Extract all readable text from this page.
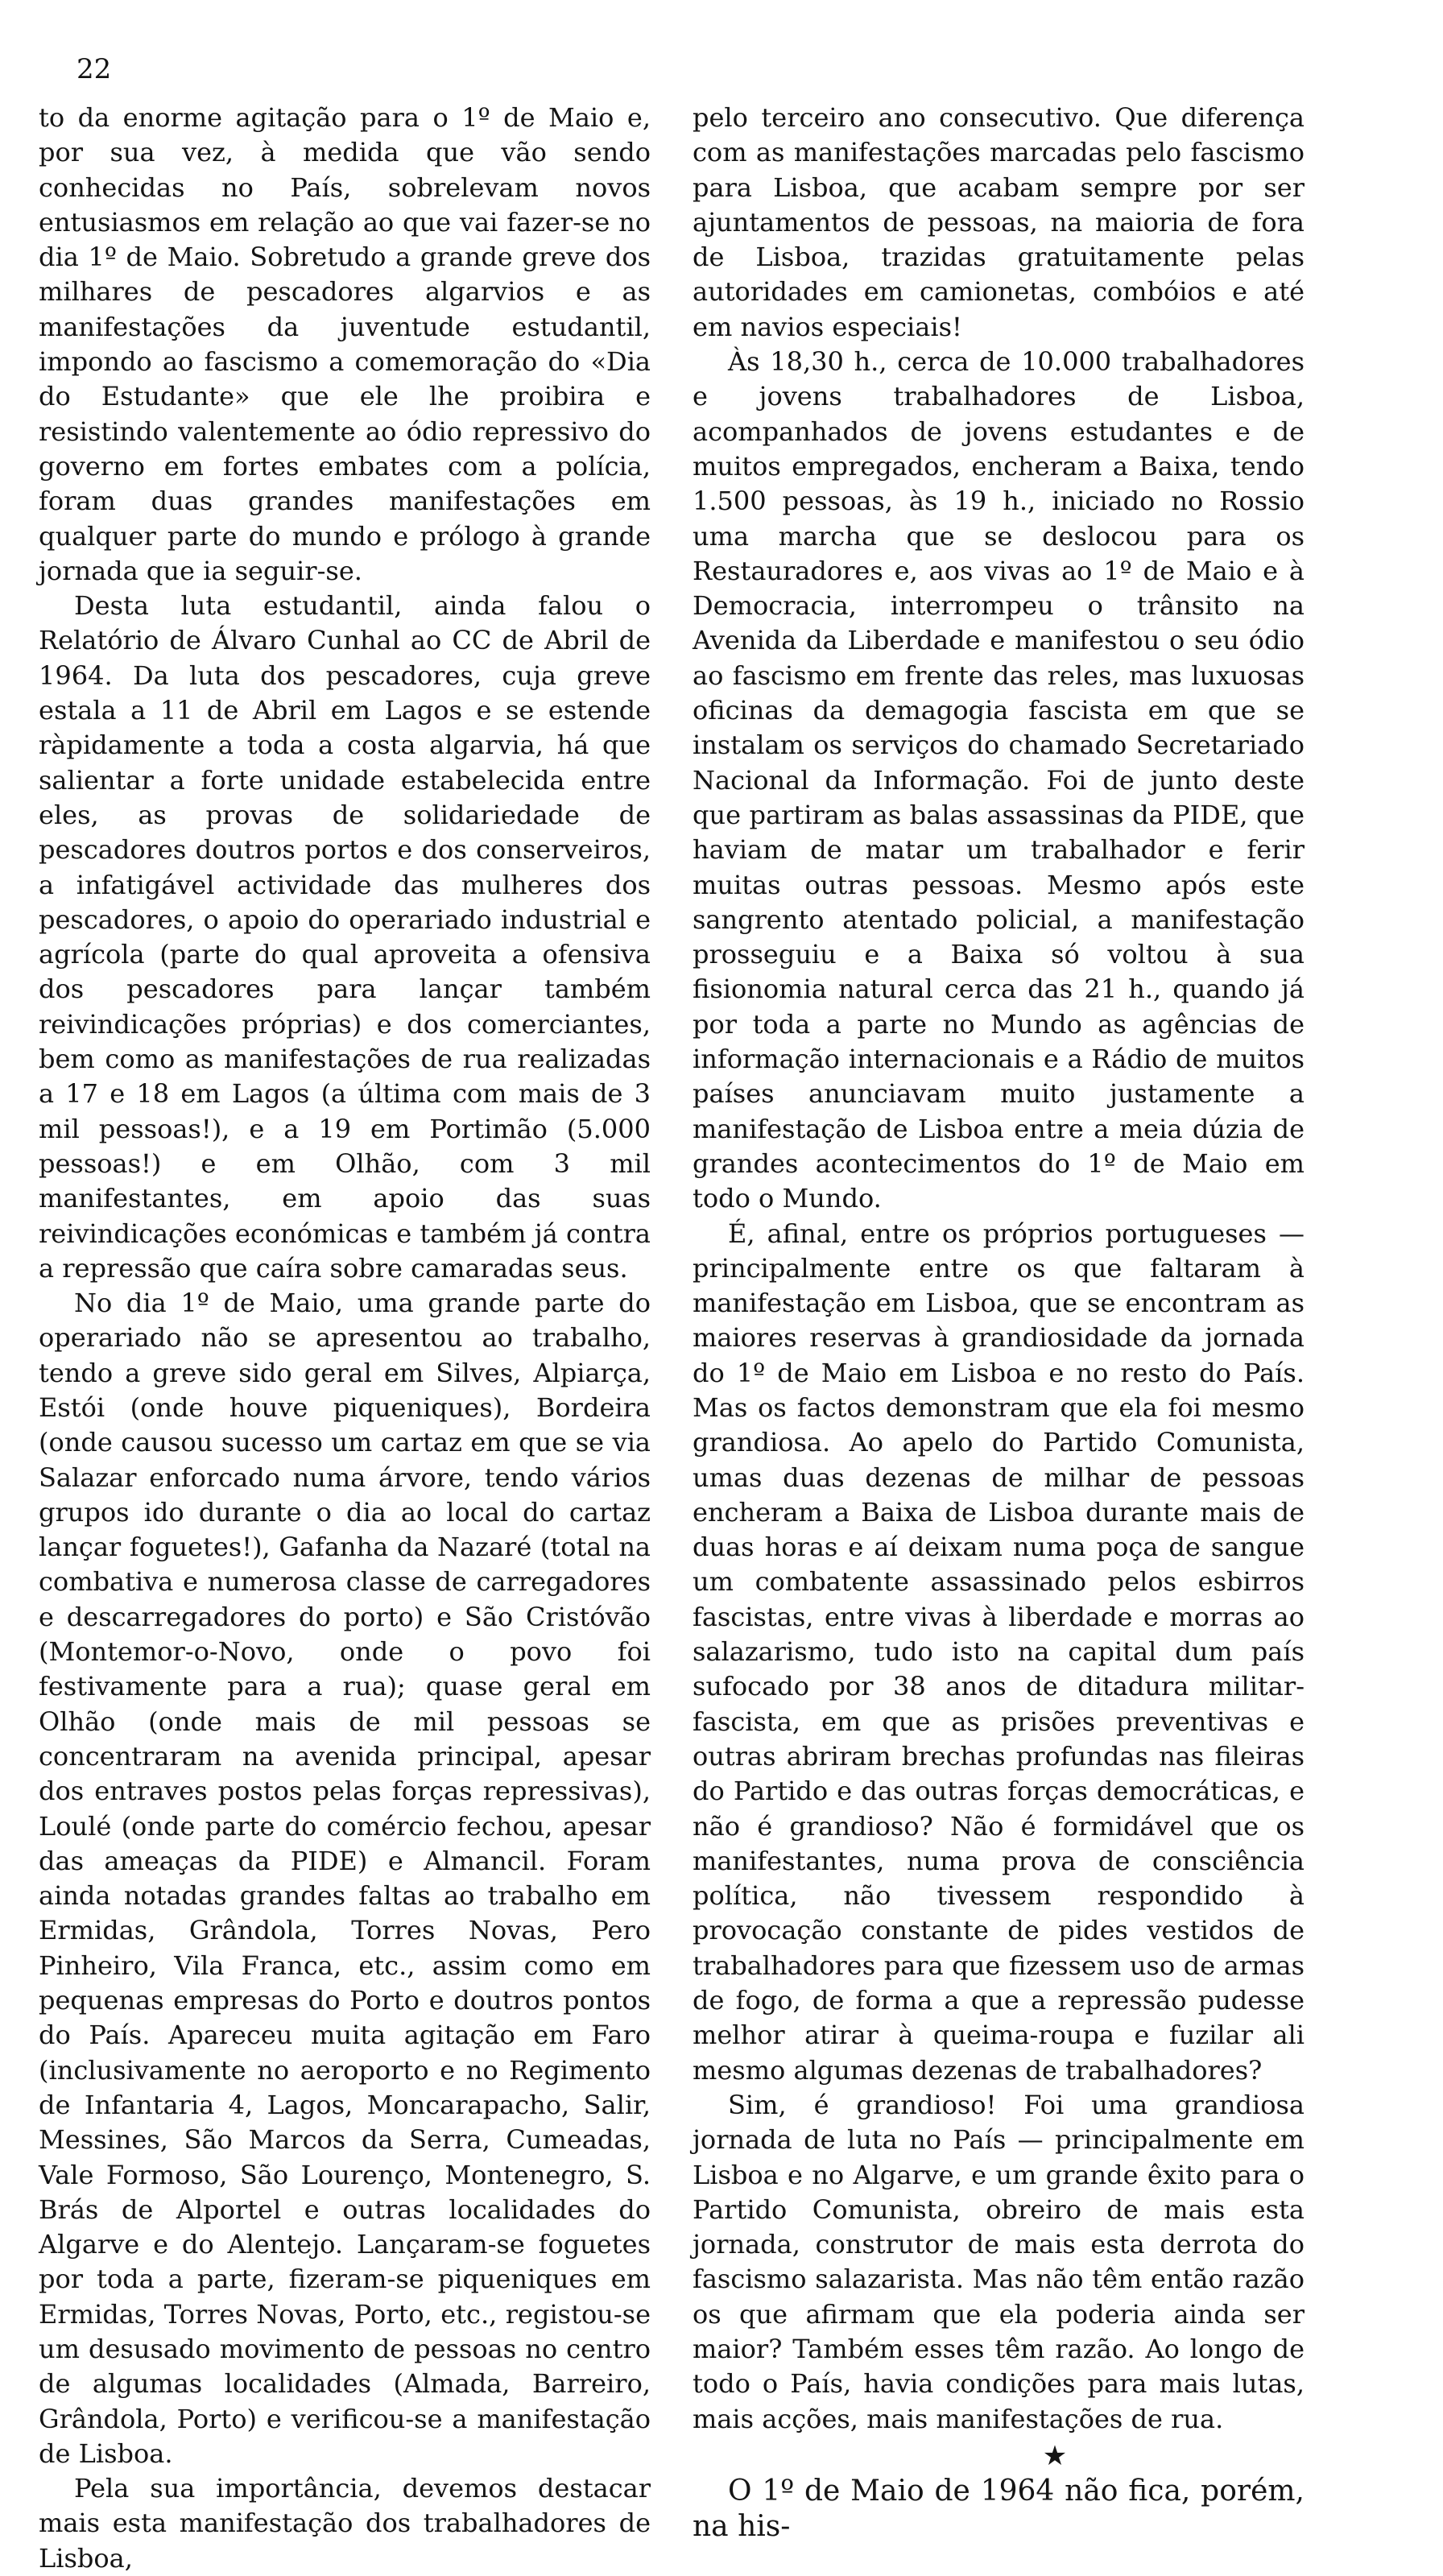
22

to da enorme agitação para o 1º de Maio e, por sua vez, à medida que vão sendo conhecidas no País, sobrelevam novos entusiasmos em relação ao que vai fazer-se no dia 1º de Maio. Sobretudo a grande greve dos milhares de pescadores algarvios e as manifestações da juventude estudantil, impondo ao fascismo a comemoração do «Dia do Estudante» que ele lhe proibira e resistindo valentemente ao ódio repressivo do governo em fortes embates com a polícia, foram duas grandes manifestações em qualquer parte do mundo e prólogo à grande jornada que ia seguir-se.

Desta luta estudantil, ainda falou o Relatório de Álvaro Cunhal ao CC de Abril de 1964. Da luta dos pescadores, cuja greve estala a 11 de Abril em Lagos e se estende ràpidamente a toda a costa algarvia, há que salientar a forte unidade estabelecida entre eles, as provas de solidariedade de pescadores doutros portos e dos conserveiros, a infatigável actividade das mulheres dos pescadores, o apoio do operariado industrial e agrícola (parte do qual aproveita a ofensiva dos pescadores para lançar também reivindicações próprias) e dos comerciantes, bem como as manifestações de rua realizadas a 17 e 18 em Lagos (a última com mais de 3 mil pessoas!), e a 19 em Portimão (5.000 pessoas!) e em Olhão, com 3 mil manifestantes, em apoio das suas reivindicações económicas e também já contra a repressão que caíra sobre camaradas seus.

No dia 1º de Maio, uma grande parte do operariado não se apresentou ao trabalho, tendo a greve sido geral em Silves, Alpiarça, Estói (onde houve piqueniques), Bordeira (onde causou sucesso um cartaz em que se via Salazar enforcado numa árvore, tendo vários grupos ido durante o dia ao local do cartaz lançar foguetes!), Gafanha da Nazaré (total na combativa e numerosa classe de carregadores e descarregadores do porto) e São Cristóvão (Montemor-o-Novo, onde o povo foi festivamente para a rua); quase geral em Olhão (onde mais de mil pessoas se concentraram na avenida principal, apesar dos entraves postos pelas forças repressivas), Loulé (onde parte do comércio fechou, apesar das ameaças da PIDE) e Almancil. Foram ainda notadas grandes faltas ao trabalho em Ermidas, Grândola, Torres Novas, Pero Pinheiro, Vila Franca, etc., assim como em pequenas empresas do Porto e doutros pontos do País. Apareceu muita agitação em Faro (inclusivamente no aeroporto e no Regimento de Infantaria 4, Lagos, Moncarapacho, Salir, Messines, São Marcos da Serra, Cumeadas, Vale Formoso, São Lourenço, Montenegro, S. Brás de Alportel e outras localidades do Algarve e do Alentejo. Lançaram-se foguetes por toda a parte, fizeram-se piqueniques em Ermidas, Torres Novas, Porto, etc., registou-se um desusado movimento de pessoas no centro de algumas localidades (Almada, Barreiro, Grândola, Porto) e verificou-se a manifestação de Lisboa.

Pela sua importância, devemos destacar mais esta manifestação dos trabalhadores de Lisboa,

pelo terceiro ano consecutivo. Que diferença com as manifestações marcadas pelo fascismo para Lisboa, que acabam sempre por ser ajuntamentos de pessoas, na maioria de fora de Lisboa, trazidas gratuitamente pelas autoridades em camionetas, combóios e até em navios especiais!

Às 18,30 h., cerca de 10.000 trabalhadores e jovens trabalhadores de Lisboa, acompanhados de jovens estudantes e de muitos empregados, encheram a Baixa, tendo 1.500 pessoas, às 19 h., iniciado no Rossio uma marcha que se deslocou para os Restauradores e, aos vivas ao 1º de Maio e à Democracia, interrompeu o trânsito na Avenida da Liberdade e manifestou o seu ódio ao fascismo em frente das reles, mas luxuosas oficinas da demagogia fascista em que se instalam os serviços do chamado Secretariado Nacional da Informação. Foi de junto deste que partiram as balas assassinas da PIDE, que haviam de matar um trabalhador e ferir muitas outras pessoas. Mesmo após este sangrento atentado policial, a manifestação prosseguiu e a Baixa só voltou à sua fisionomia natural cerca das 21 h., quando já por toda a parte no Mundo as agências de informação internacionais e a Rádio de muitos países anunciavam muito justamente a manifestação de Lisboa entre a meia dúzia de grandes acontecimentos do 1º de Maio em todo o Mundo.

É, afinal, entre os próprios portugueses — principalmente entre os que faltaram à manifestação em Lisboa, que se encontram as maiores reservas à grandiosidade da jornada do 1º de Maio em Lisboa e no resto do País. Mas os factos demonstram que ela foi mesmo grandiosa. Ao apelo do Partido Comunista, umas duas dezenas de milhar de pessoas encheram a Baixa de Lisboa durante mais de duas horas e aí deixam numa poça de sangue um combatente assassinado pelos esbirros fascistas, entre vivas à liberdade e morras ao salazarismo, tudo isto na capital dum país sufocado por 38 anos de ditadura militar-fascista, em que as prisões preventivas e outras abriram brechas profundas nas fileiras do Partido e das outras forças democráticas, e não é grandioso? Não é formidável que os manifestantes, numa prova de consciência política, não tivessem respondido à provocação constante de pides vestidos de trabalhadores para que fizessem uso de armas de fogo, de forma a que a repressão pudesse melhor atirar à queima-roupa e fuzilar ali mesmo algumas dezenas de trabalhadores?

Sim, é grandioso! Foi uma grandiosa jornada de luta no País — principalmente em Lisboa e no Algarve, e um grande êxito para o Partido Comunista, obreiro de mais esta jornada, construtor de mais esta derrota do fascismo salazarista. Mas não têm então razão os que afirmam que ela poderia ainda ser maior? Também esses têm razão. Ao longo de todo o País, havia condições para mais lutas, mais acções, mais manifestações de rua.

★

O 1º de Maio de 1964 não fica, porém, na his-
